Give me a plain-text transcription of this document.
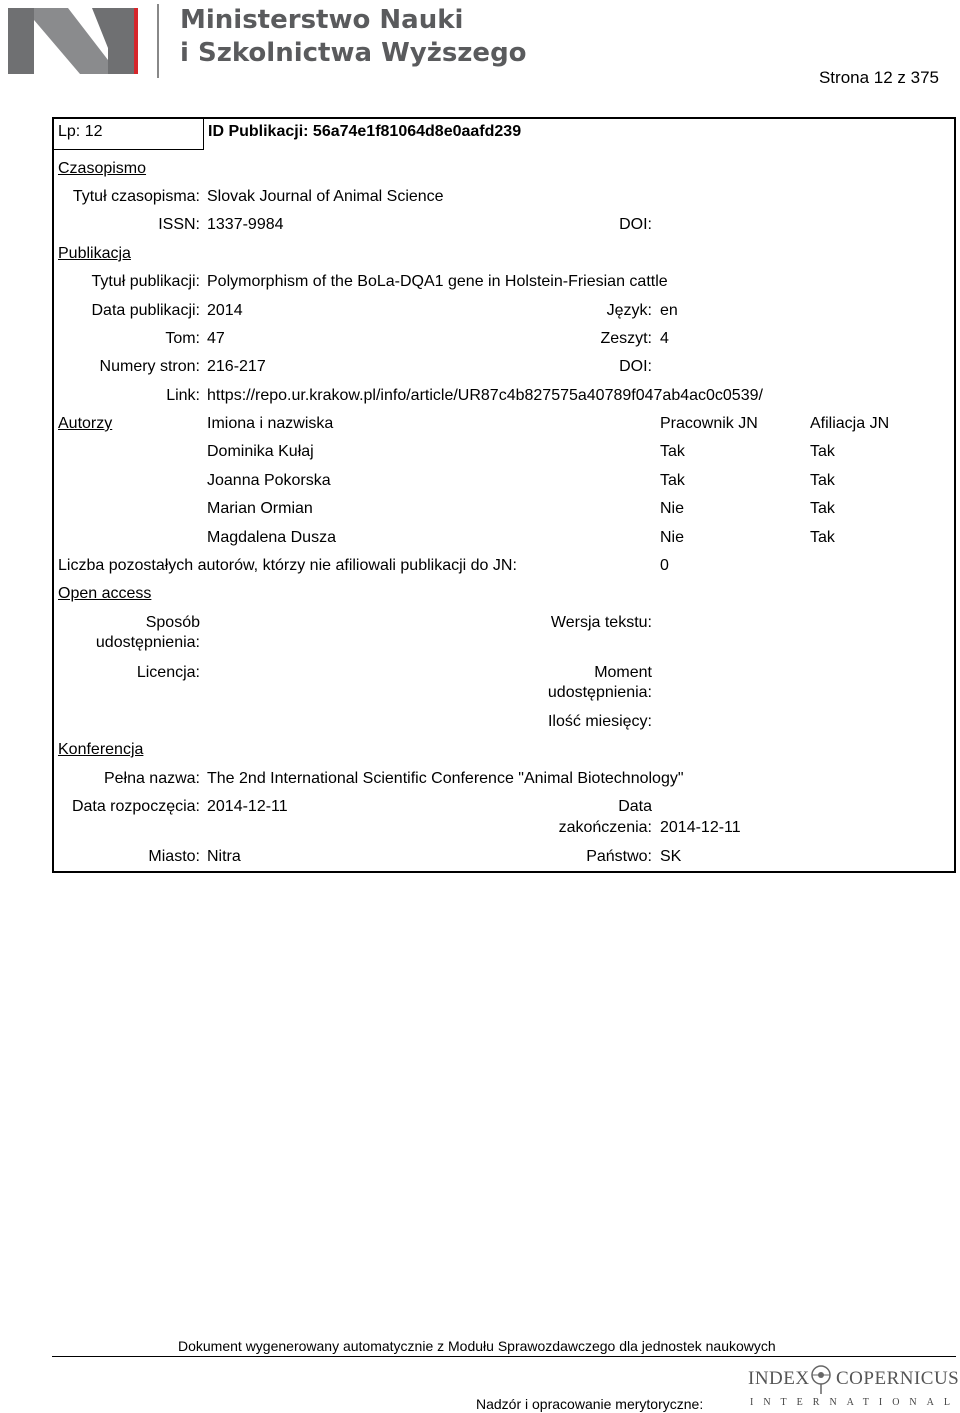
Ministerstwo Nauki
i Szkolnictwa Wyższego
Strona 12 z 375
Lp: 12	ID Publikacji: 56a74e1f81064d8e0aafd239
Czasopismo
Tytuł czasopisma: Slovak Journal of Animal Science
ISSN: 1337-9984	DOI:
Publikacja
Tytuł publikacji: Polymorphism of the BoLa-DQA1 gene in Holstein-Friesian cattle
Data publikacji: 2014	Język: en
Tom: 47	Zeszyt: 4
Numery stron: 216-217	DOI:
Link: https://repo.ur.krakow.pl/info/article/UR87c4b827575a40789f047ab4ac0c0539/
Autorzy	Imiona i nazwiska	Pracownik JN	Afiliacja JN
Dominika Kułaj	Tak	Tak
Joanna Pokorska	Tak	Tak
Marian Ormian	Nie	Tak
Magdalena Dusza	Nie	Tak
Liczba pozostałych autorów, którzy nie afiliowali publikacji do JN:	0
Open access
Sposób
udostępnienia:
Wersja tekstu:
Licencja:	Moment
udostępnienia:
Ilość miesięcy:
Konferencja
Pełna nazwa: The 2nd International Scientific Conference "Animal Biotechnology"
Data rozpoczęcia: 2014-12-11	Data
zakończenia: 2014-12-11
Miasto: Nitra	Państwo: SK
Dokument wygenerowany automatycznie z Modułu Sprawozdawczego dla jednostek naukowych
Nadzór i opracowanie merytoryczne:
INDEX COPERNICUS
INTERNATIONAL
